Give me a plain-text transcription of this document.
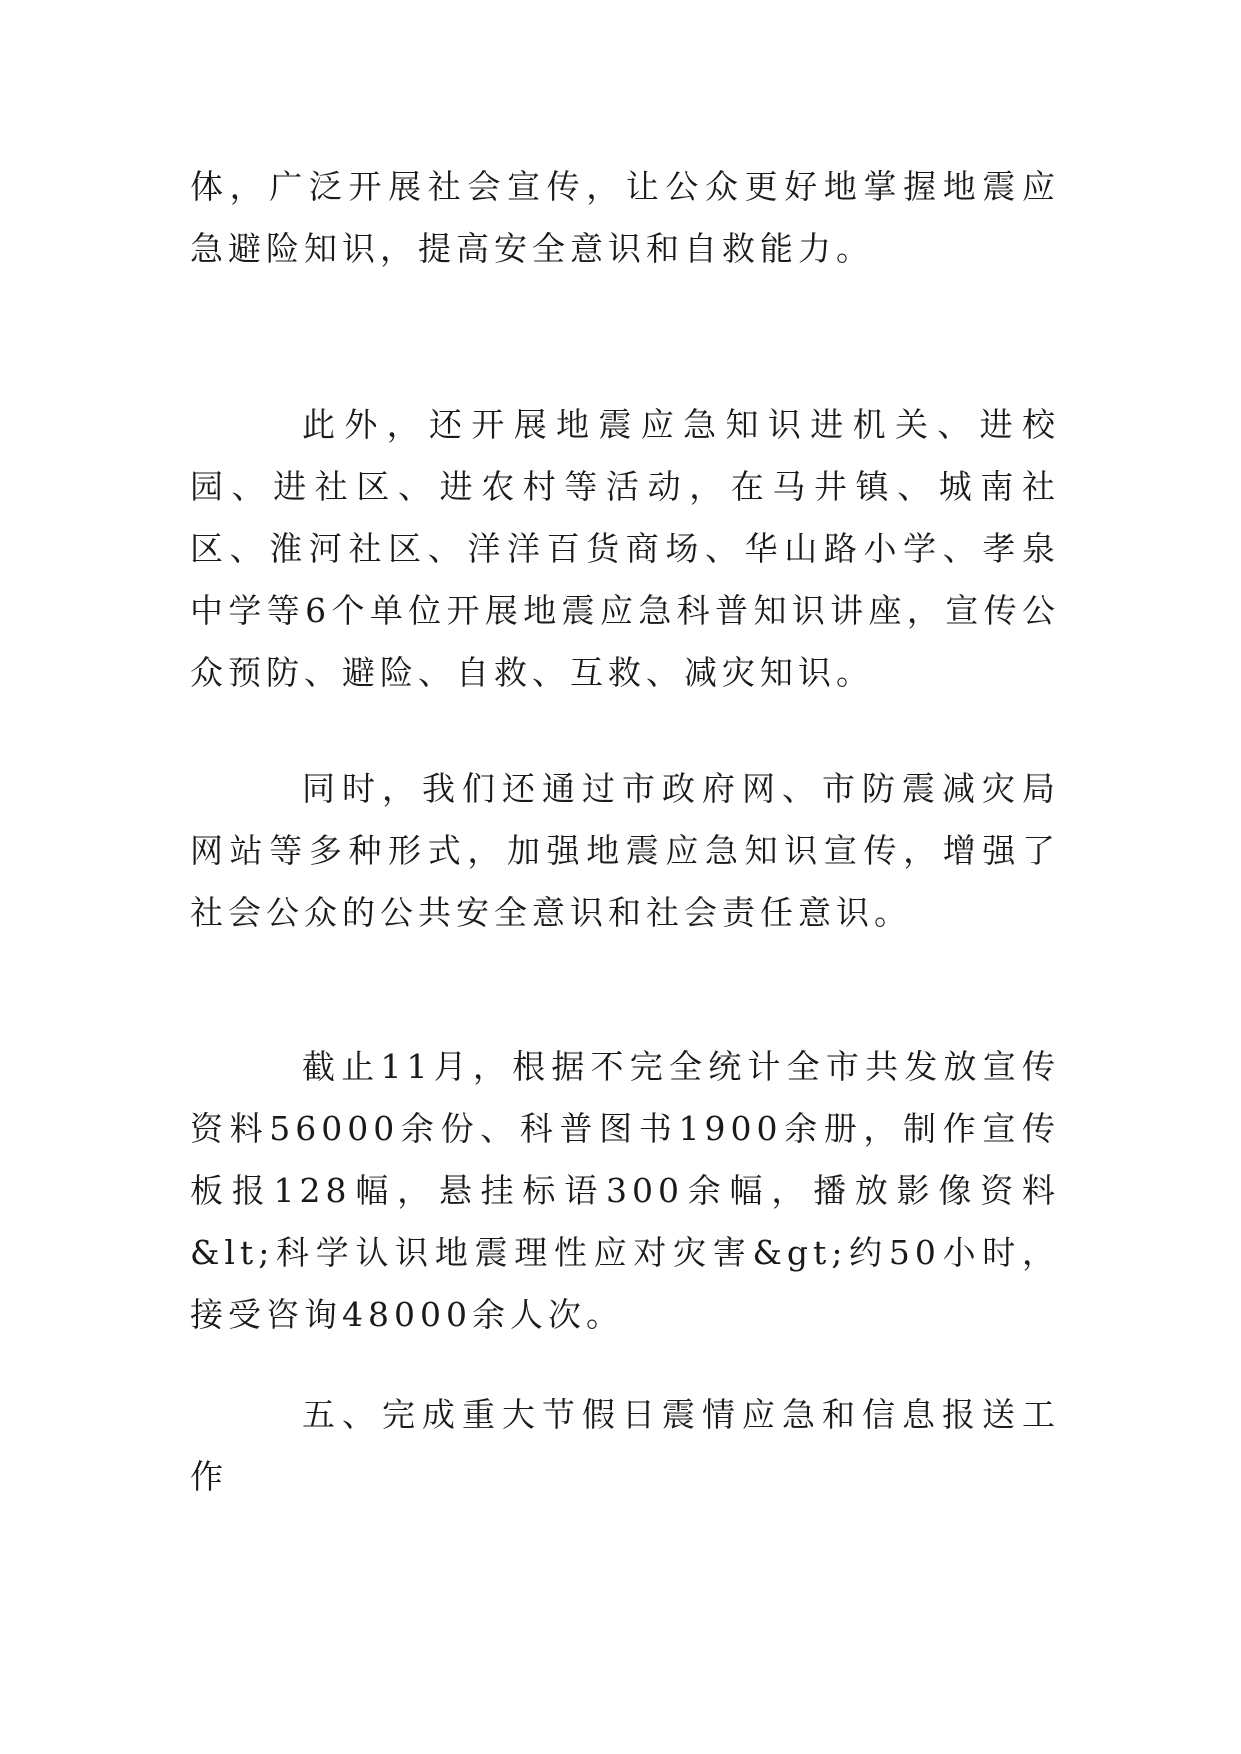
体，广泛开展社会宣传，让公众更好地掌握地震应急避险知识，提高安全意识和自救能力。

此外，还开展地震应急知识进机关、进校园、进社区、进农村等活动，在马井镇、城南社区、淮河社区、洋洋百货商场、华山路小学、孝泉中学等6个单位开展地震应急科普知识讲座，宣传公众预防、避险、自救、互救、减灾知识。

同时，我们还通过市政府网、市防震减灾局网站等多种形式，加强地震应急知识宣传，增强了社会公众的公共安全意识和社会责任意识。

截止11月，根据不完全统计全市共发放宣传资料56000余份、科普图书1900余册，制作宣传板报128幅，悬挂标语300余幅，播放影像资料&lt;科学认识地震理性应对灾害&gt;约50小时，接受咨询48000余人次。

五、完成重大节假日震情应急和信息报送工作
